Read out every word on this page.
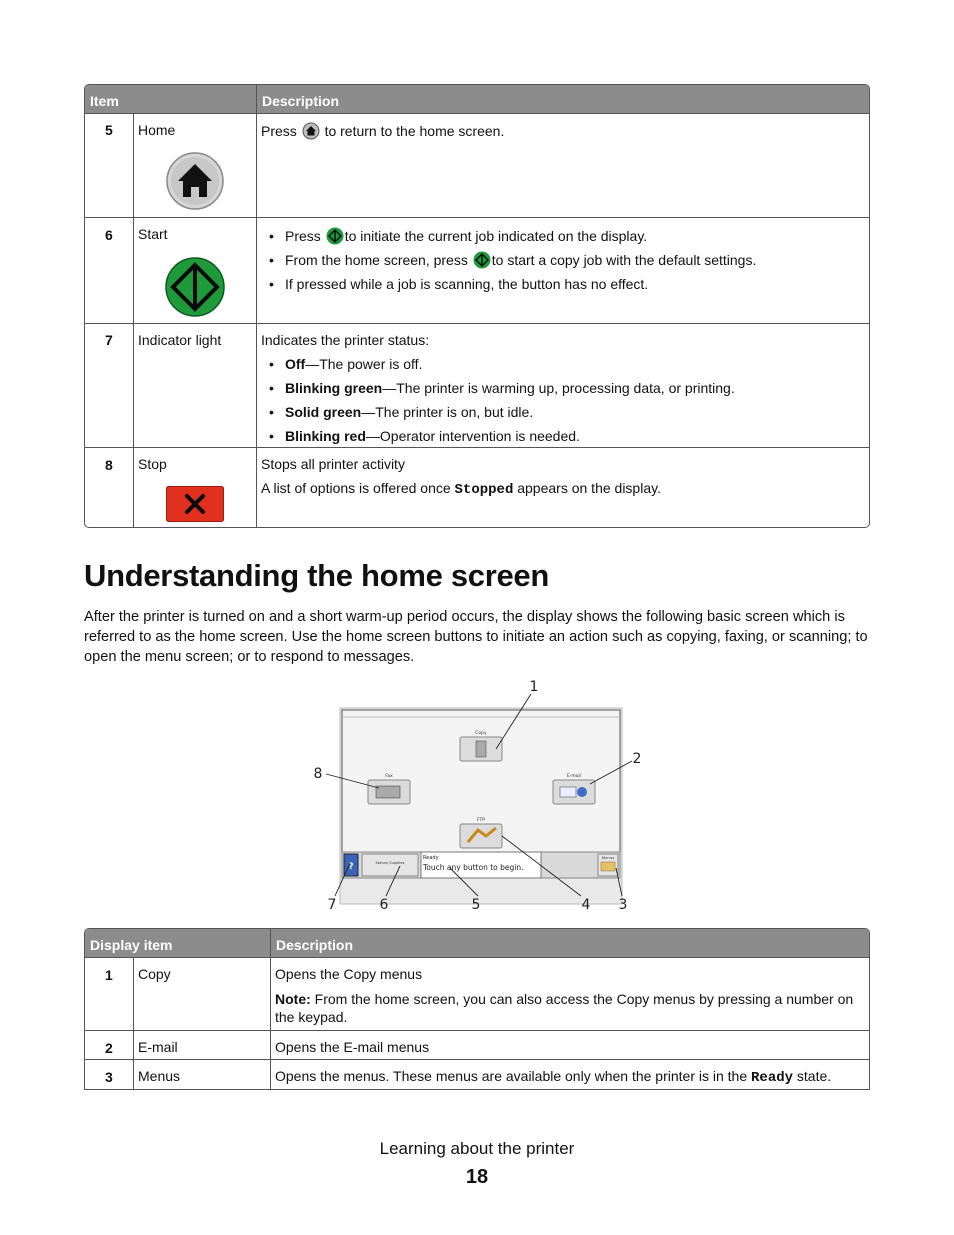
Item	Description
5 Home	Press to return to the home screen.
6 Start
•	Press to initiate the current job indicated on the display.
• From the home screen, press to start a copy job with the default settings.
• If pressed while a job is scanning, the button has no effect.
7 Indicator light	Indicates the printer status:
• Off—The power is off.
• Blinking green—The printer is warming up, processing data, or printing.
• Solid green—The printer is on, but idle.
• Blinking red—Operator intervention is needed.
8 Stop	Stops all printer activity
A list of options is offered once Stopped appears on the display.
Understanding the home screen
After the printer is turned on and a short warm-up period occurs, the display shows the following basic screen which is referred to as the home screen. Use the home screen buttons to initiate an action such as copying, faxing, or scanning; to open the menu screen; or to respond to messages.
Copy
E-mail
Fax
FTP
?	Status/ Supplies
Ready
Touch any button to begin.
Menus
1
2
3
4
5
6
7
8
Display item	Description
1 Copy	Opens the Copy menus
Note: From the home screen, you can also access the Copy menus by pressing a number on the keypad.
2 E-mail	Opens the E-mail menus
3 Menus	Opens the menus. These menus are available only when the printer is in the Ready state.
Learning about the printer
18
